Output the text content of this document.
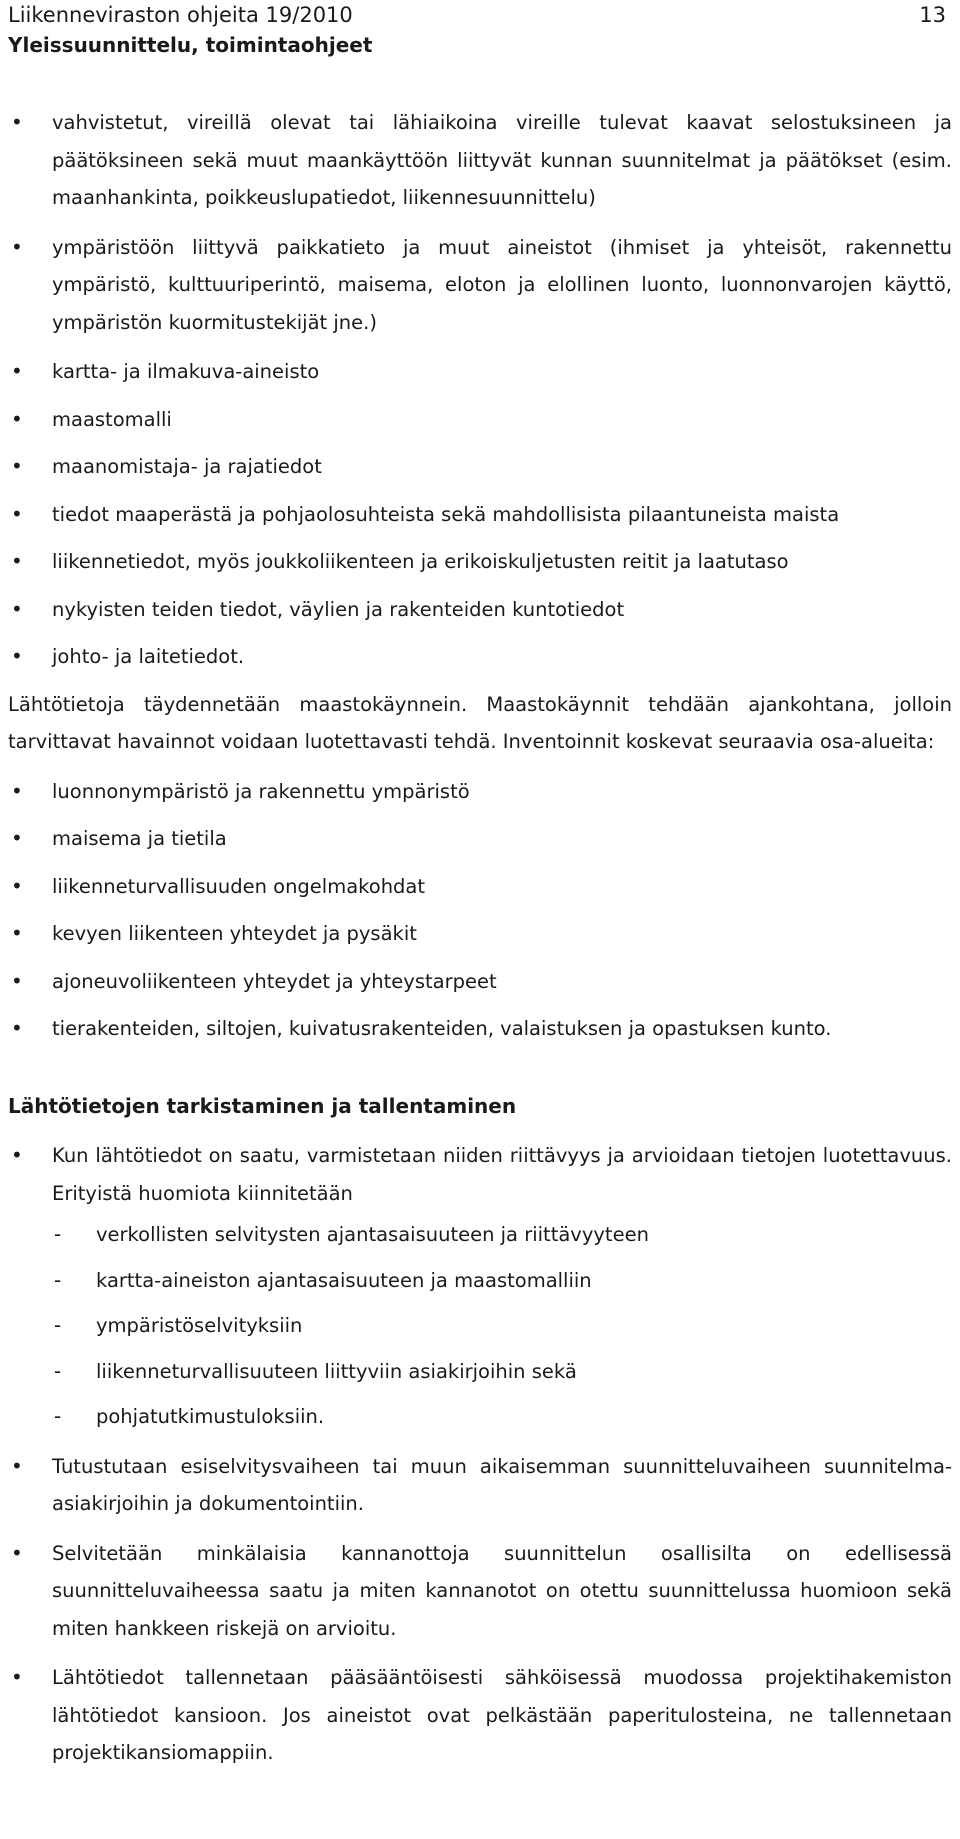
Liikenneviraston ohjeita 19/2010
Yleissuunnittelu, toimintaohjeet
13
• vahvistetut, vireillä olevat tai lähiaikoina vireille tulevat kaavat selostuksineen ja päätöksineen sekä muut maankäyttöön liittyvät kunnan suunnitelmat ja päätökset (esim. maanhankinta, poikkeuslupatiedot, liikennesuunnittelu)
• ympäristöön liittyvä paikkatieto ja muut aineistot (ihmiset ja yhteisöt, rakennettu ympäristö, kulttuuriperintö, maisema, eloton ja elollinen luonto, luonnonvarojen käyttö, ympäristön kuormitustekijät jne.)
• kartta- ja ilmakuva-aineisto
• maastomalli
• maanomistaja- ja rajatiedot
• tiedot maaperästä ja pohjaolosuhteista sekä mahdollisista pilaantuneista maista
• liikennetiedot, myös joukkoliikenteen ja erikoiskuljetusten reitit ja laatutaso
• nykyisten teiden tiedot, väylien ja rakenteiden kuntotiedot
• johto- ja laitetiedot.

Lähtötietoja täydennetään maastokäynnein. Maastokäynnit tehdään ajankohtana, jolloin tarvittavat havainnot voidaan luotettavasti tehdä. Inventoinnit koskevat seuraavia osa-alueita:

• luonnonympäristö ja rakennettu ympäristö
• maisema ja tietila
• liikenneturvallisuuden ongelmakohdat
• kevyen liikenteen yhteydet ja pysäkit
• ajoneuvoliikenteen yhteydet ja yhteystarpeet
• tierakenteiden, siltojen, kuivatusrakenteiden, valaistuksen ja opastuksen kunto.
Lähtötietojen tarkistaminen ja tallentaminen
• Kun lähtötiedot on saatu, varmistetaan niiden riittävyys ja arvioidaan tietojen luotettavuus. Erityistä huomiota kiinnitetään
- verkollisten selvitysten ajantasaisuuteen ja riittävyyteen
- kartta-aineiston ajantasaisuuteen ja maastomalliin
- ympäristöselvityksiin
- liikenneturvallisuuteen liittyviin asiakirjoihin sekä
- pohjatutkimustuloksiin.
• Tutustutaan esiselvitysvaiheen tai muun aikaisemman suunnitteluvaiheen suunnitelma-asiakirjoihin ja dokumentointiin.
• Selvitetään minkälaisia kannanottoja suunnittelun osallisilta on edellisessä suunnitteluvaiheessa saatu ja miten kannanotot on otettu suunnittelussa huomioon sekä miten hankkeen riskejä on arvioitu.
• Lähtötiedot tallennetaan pääsääntöisesti sähköisessä muodossa projektihakemiston lähtötiedot kansioon. Jos aineistot ovat pelkästään paperitulosteina, ne tallennetaan projektikansiomappiin.
